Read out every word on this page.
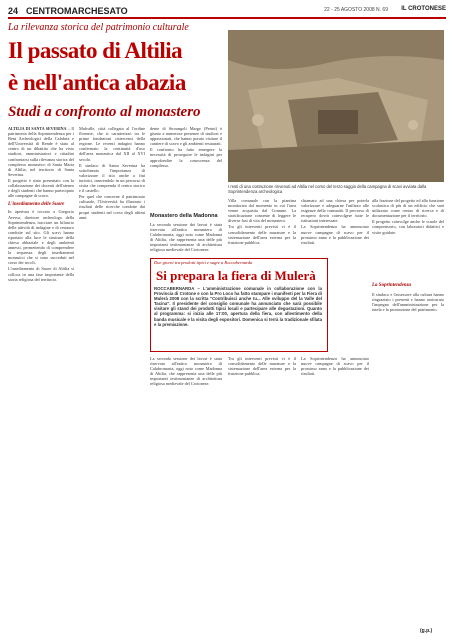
24 CENTROMARCHESATO	22 - 25 AGOSTO 2008 N. 69 IL CROTONESE
La rilevanza storica del patrimonio culturale
Il passato di Altilia
è nell'antica abazia
Studi a confronto al monastero

ALTILIA DI SANTA SEVERINA – Il patrimonio della Soprintendenza per i Beni Archeologici della Calabria e dell'Università di Rende è stato al centro di un dibattito che ha visto studiosi, amministratori e cittadini confrontarsi sulla rilevanza storica del complesso monastico di Santa Maria di Altilia, nel territorio di Santa Severina.

Il progetto è stato presentato con la collaborazione dei docenti dell'ateneo e degli studenti che hanno partecipato alle campagne di scavo.

L'insediamento delle Suore

In apertura è toccato a Gregorio Aversa, direttore archeologo della Soprintendenza, tracciare un bilancio delle attività di indagine e di restauro condotte sul sito. Gli scavi hanno riportato alla luce le strutture della chiesa abbaziale e degli ambienti annessi, permettendo di comprendere la sequenza degli insediamenti monastici che si sono succeduti nel corso dei secoli.

L'insediamento di Suore di Altilia si colloca in una fase importante della storia religiosa del territorio.

Malvalle, città collegata al l'ordine florense, che si caratterizzò tra le prime fondazioni cistercensi della regione. Le recenti indagini hanno confermato la continuità d'uso dell'area monastica dal XII al XVI secolo.

Il sindaco di Santa Severina ha sottolineato l'importanza di valorizzare il sito anche a fini turistici, inserendolo in un percorso di visita che comprenda il centro storico e il castello.

Per quel che concerne il patrimonio culturale, l'Università ha illustrato i risultati delle ricerche condotte dai propri studenti nel corso degli ultimi anni.

dente di Stroangoli Marge (Perini) è giunto a numerose presenze di studiosi e appassionati, che hanno potuto visitare il cantiere di scavo e gli ambienti restaurati.

Il confronto ha fatto emergere la necessità di proseguire le indagini per approfondire la conoscenza del complesso.

Monastero della Madonna

La seconda sessione dei lavori è stata riservata all'antico monastero di Calabromaria, oggi noto come Madonna di Altilia, che rappresenta una delle più importanti testimonianze di architettura religiosa medievale del Crotonese.

I resti di una costruzione rinvenuti ad Altilia nel corso del terzo saggio della campagna di scavi avviata dalla Soprintendenza archeologica

Villa comunale con la piantina monitorata dal momento in cui l'area venne acquisita dal Comune. La stratificazione consente di leggere le diverse fasi di vita del monastero.

Tra gli interventi previsti vi è il consolidamento delle murature e la sistemazione dell'area esterna per la fruizione pubblica.

chiamato ad una chiesa per poterla valorizzare e adeguarne l'utilizzo alle esigenze della comunità. Il percorso di recupero dovrà coinvolgere tutte le istituzioni interessate.

La Soprintendenza ha annunciato nuove campagne di scavo per il prossimo anno e la pubblicazione dei risultati.

alla frazione del progetto ed alla funzione scolastica di più di un edificio che sarà utilizzato come centro di ricerca e di documentazione per il territorio.

Il progetto coinvolge anche le scuole del comprensorio, con laboratori didattici e visite guidate.

La Soprintendenza

Il sindaco e l'assessore alla cultura hanno ringraziato i presenti e hanno assicurato l'impegno dell'amministrazione per la tutela e la promozione del patrimonio.

(g.p.)
Due giorni tra prodotti tipici e sagre a Roccabernarda
Si prepara la fiera di Mulerà
ROCCABERNARDA – L'amministrazione comunale in collaborazione con la Provincia di Crotone e con la Pro Loco ha fatto stampare i manifesti per la Fiera di Mulerà 2008 con la scritta "Contribuisci anche tu... Alle sviluppo del la Valle del Tacina". Il presidente del consiglio comunale ha annunciato che sarà possibile visitare gli stand dei prodotti tipici locali e partecipare alle degustazioni. Quanto al programma: si inizia alle 17:00, apertura della fiera, con allestimento della banda musicale e la visita degli espositori. Domenica si terrà la tradizionale sfilata e la premiazione.

La seconda sessione dei lavori è stata riservata all'antico monastero di Calabromaria, oggi noto come Madonna di Altilia, che rappresenta una delle più importanti testimonianze di architettura religiosa medievale del Crotonese.

Tra gli interventi previsti vi è il consolidamento delle murature e la sistemazione dell'area esterna per la fruizione pubblica.

La Soprintendenza ha annunciato nuove campagne di scavo per il prossimo anno e la pubblicazione dei risultati.
